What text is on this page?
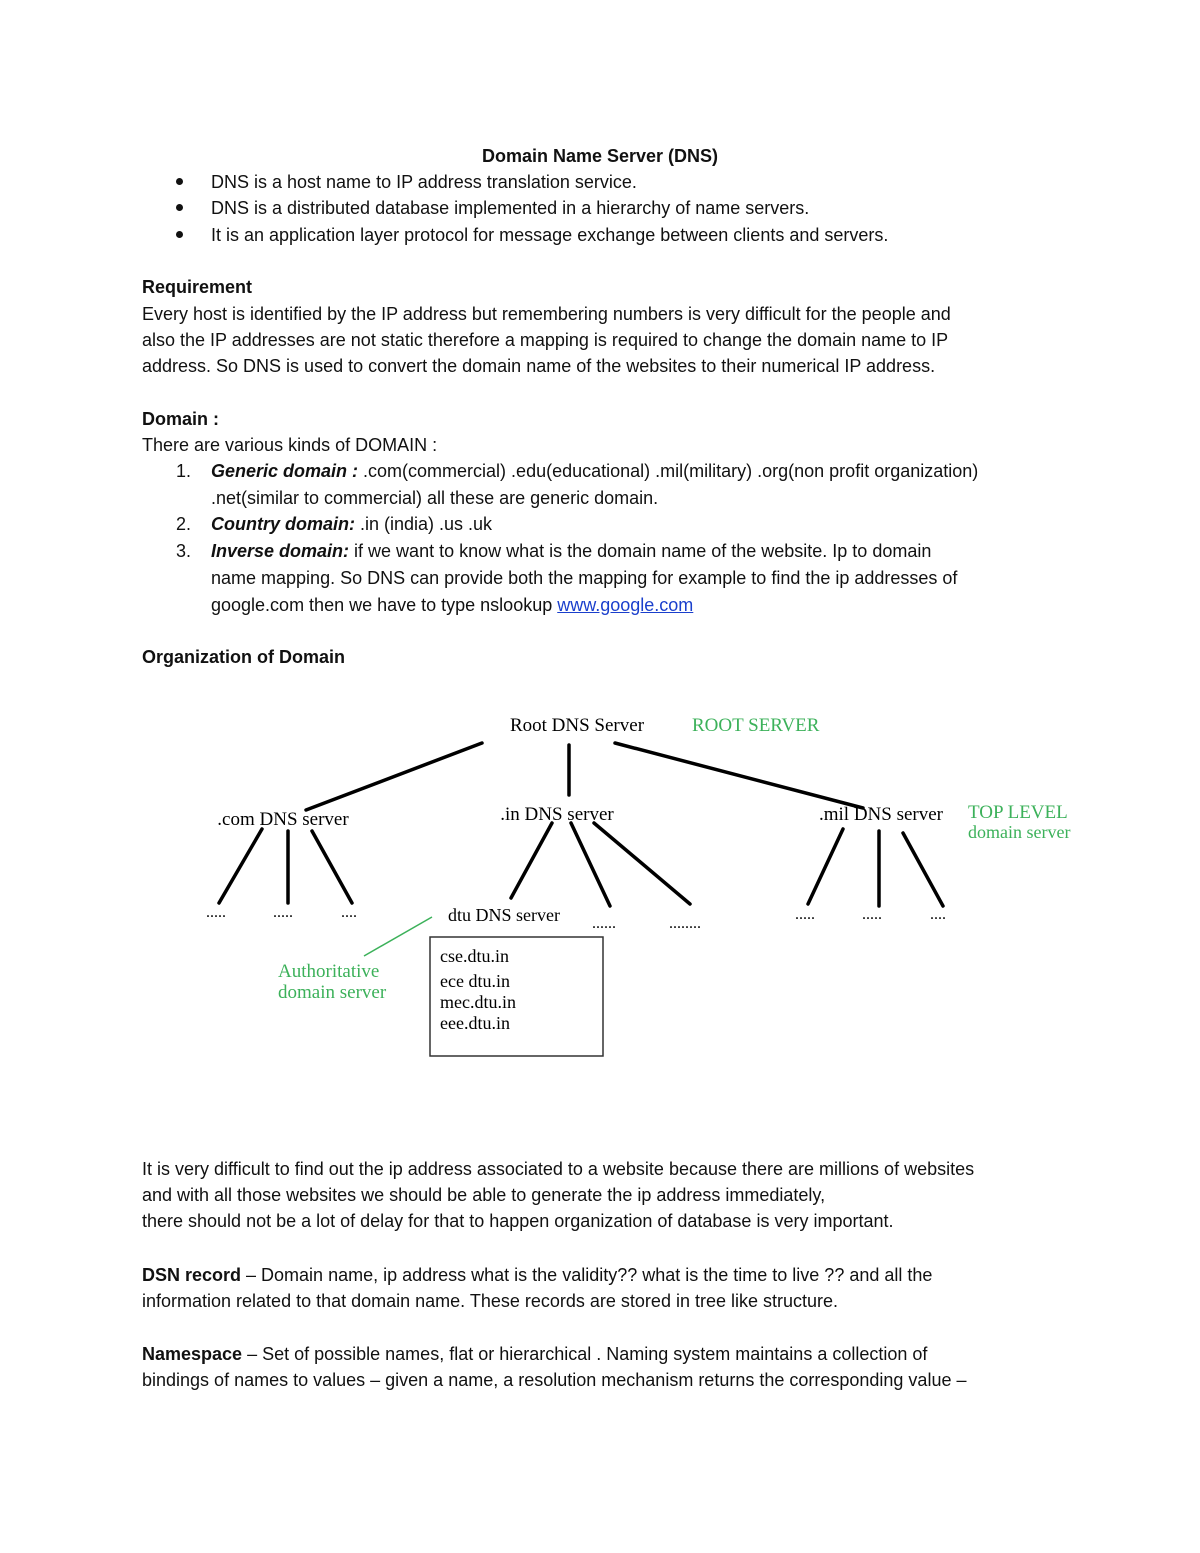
Domain Name Server (DNS)
DNS is a host name to IP address translation service.
DNS is a distributed database implemented in a hierarchy of name servers.
It is an application layer protocol for message exchange between clients and servers.
Requirement
Every host is identified by the IP address but remembering numbers is very difficult for the people and
also the IP addresses are not static therefore a mapping is required to change the domain name to IP
address. So DNS is used to convert the domain name of the websites to their numerical IP address.
Domain :
There are various kinds of DOMAIN :
1. Generic domain : .com(commercial) .edu(educational) .mil(military) .org(non profit organization)
.net(similar to commercial) all these are generic domain.
2. Country domain: .in (india) .us .uk
3. Inverse domain: if we want to know what is the domain name of the website. Ip to domain
name mapping. So DNS can provide both the mapping for example to find the ip addresses of
google.com then we have to type nslookup www.google.com
Organization of Domain
Root DNS Server	ROOT SERVER
TOP LEVEL
domain server
.com DNS server	.in DNS server	.mil DNS server
.....	.....	....	dtu DNS server ......	........
.....	.....	....
Authoritative
domain server
cse.dtu.in
ece dtu.in
mec.dtu.in
eee.dtu.in
It is very difficult to find out the ip address associated to a website because there are millions of websites
and with all those websites we should be able to generate the ip address immediately,
there should not be a lot of delay for that to happen organization of database is very important.
DSN record – Domain name, ip address what is the validity?? what is the time to live ?? and all the
information related to that domain name. These records are stored in tree like structure.
Namespace – Set of possible names, flat or hierarchical . Naming system maintains a collection of
bindings of names to values – given a name, a resolution mechanism returns the corresponding value –
